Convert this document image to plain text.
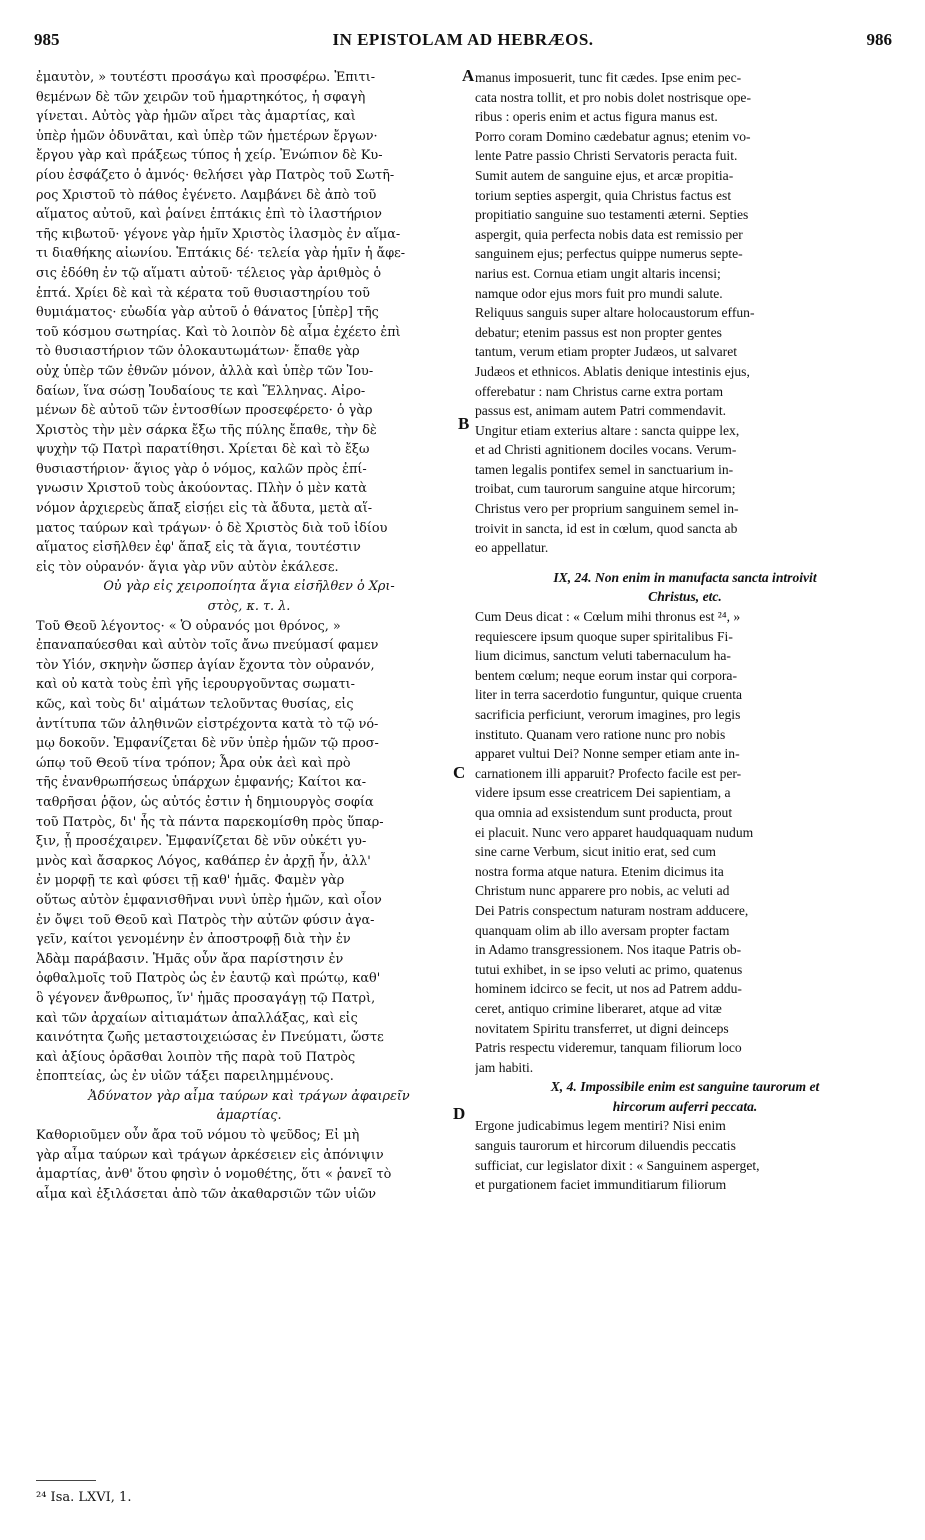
985	IN EPISTOLAM AD HEBRÆOS.	986
ἐμαυτὸν, » τουτέστι προσάγω καὶ προσφέρω. Ἐπιτι-
θεμένων δὲ τῶν χειρῶν τοῦ ἡμαρτηκότος, ἡ σφαγὴ
γίνεται. Αὐτὸς γὰρ ἡμῶν αἴρει τὰς ἁμαρτίας, καὶ
ὑπὲρ ἡμῶν ὀδυνᾶται, καὶ ὑπὲρ τῶν ἡμετέρων ἔργων·
ἔργου γὰρ καὶ πράξεως τύπος ἡ χείρ. Ἐνώπιον δὲ Κυ-
ρίου ἐσφάζετο ὁ ἀμνός· θελήσει γὰρ Πατρὸς τοῦ Σωτῆ-
ρος Χριστοῦ τὸ πάθος ἐγένετο. Λαμβάνει δὲ ἀπὸ τοῦ
αἵματος αὐτοῦ, καὶ ῥαίνει ἑπτάκις ἐπὶ τὸ ἱλαστήριον
τῆς κιβωτοῦ· γέγονε γὰρ ἡμῖν Χριστὸς ἱλασμὸς ἐν αἵμα-
τι διαθήκης αἰωνίου. Ἑπτάκις δέ· τελεία γὰρ ἡμῖν ἡ ἄφε-
σις ἐδόθη ἐν τῷ αἵματι αὐτοῦ· τέλειος γὰρ ἀριθμὸς ὁ
ἑπτά. Χρίει δὲ καὶ τὰ κέρατα τοῦ θυσιαστηρίου τοῦ
θυμιάματος· εὐωδία γὰρ αὐτοῦ ὁ θάνατος [ὑπὲρ] τῆς
τοῦ κόσμου σωτηρίας. Καὶ τὸ λοιπὸν δὲ αἷμα ἐχέετο ἐπὶ
τὸ θυσιαστήριον τῶν ὁλοκαυτωμάτων· ἔπαθε γὰρ
οὐχ ὑπὲρ τῶν ἐθνῶν μόνον, ἀλλὰ καὶ ὑπὲρ τῶν Ἰου-
δαίων, ἵνα σώσῃ Ἰουδαίους τε καὶ Ἕλληνας. Αἰρο-
μένων δὲ αὐτοῦ τῶν ἐντοσθίων προσεφέρετο· ὁ γὰρ
Χριστὸς τὴν μὲν σάρκα ἔξω τῆς πύλης ἔπαθε, τὴν δὲ
ψυχὴν τῷ Πατρὶ παρατίθησι. Χρίεται δὲ καὶ τὸ ἔξω
θυσιαστήριον· ἅγιος γὰρ ὁ νόμος, καλῶν πρὸς ἐπί-
γνωσιν Χριστοῦ τοὺς ἀκούοντας. Πλὴν ὁ μὲν κατὰ
νόμον ἀρχιερεὺς ἅπαξ εἰσῄει εἰς τὰ ἄδυτα, μετὰ αἵ-
ματος ταύρων καὶ τράγων· ὁ δὲ Χριστὸς διὰ τοῦ ἰδίου
αἵματος εἰσῆλθεν ἐφ' ἅπαξ εἰς τὰ ἅγια, τουτέστιν
εἰς τὸν οὐρανόν· ἅγια γὰρ νῦν αὐτὸν ἐκάλεσε.
Οὐ γὰρ εἰς χειροποίητα ἅγια εἰσῆλθεν ὁ Χρι-
στὸς, κ. τ. λ.
Τοῦ Θεοῦ λέγοντος· « Ὁ οὐρανός μοι θρόνος, »
ἐπαναπαύεσθαι καὶ αὐτὸν τοῖς ἄνω πνεύμασί φαμεν
τὸν Υἱόν, σκηνὴν ὥσπερ ἁγίαν ἔχοντα τὸν οὐρανόν,
καὶ οὐ κατὰ τοὺς ἐπὶ γῆς ἱερουργοῦντας σωματι-
κῶς, καὶ τοὺς δι' αἱμάτων τελοῦντας θυσίας, εἰς
ἀντίτυπα τῶν ἀληθινῶν εἰστρέχοντα κατὰ τὸ τῷ νό-
μῳ δοκοῦν. Ἐμφανίζεται δὲ νῦν ὑπὲρ ἡμῶν τῷ προσ-
ώπῳ τοῦ Θεοῦ τίνα τρόπον; Ἆρα οὐκ ἀεὶ καὶ πρὸ
τῆς ἐνανθρωπήσεως ὑπάρχων ἐμφανής; Καίτοι κα-
ταθρῆσαι ῥᾷον, ὡς αὐτός ἐστιν ἡ δημιουργὸς σοφία
τοῦ Πατρὸς, δι' ἧς τὰ πάντα παρεκομίσθη πρὸς ὕπαρ-
ξιν, ᾗ προσέχαιρεν. Ἐμφανίζεται δὲ νῦν οὐκέτι γυ-
μνὸς καὶ ἄσαρκος Λόγος, καθάπερ ἐν ἀρχῇ ἦν, ἀλλ'
ἐν μορφῇ τε καὶ φύσει τῇ καθ' ἡμᾶς. Φαμὲν γὰρ
οὕτως αὐτὸν ἐμφανισθῆναι νυνὶ ὑπὲρ ἡμῶν, καὶ οἷον
ἐν ὄψει τοῦ Θεοῦ καὶ Πατρὸς τὴν αὐτῶν φύσιν ἀγα-
γεῖν, καίτοι γενομένην ἐν ἀποστροφῇ διὰ τὴν ἐν
Ἀδὰμ παράβασιν. Ἡμᾶς οὖν ἄρα παρίστησιν ἐν
ὀφθαλμοῖς τοῦ Πατρὸς ὡς ἐν ἑαυτῷ καὶ πρώτῳ, καθ'
ὃ γέγονεν ἄνθρωπος, ἵν' ἡμᾶς προσαγάγῃ τῷ Πατρὶ,
καὶ τῶν ἀρχαίων αἰτιαμάτων ἀπαλλάξας, καὶ εἰς
καινότητα ζωῆς μεταστοιχειώσας ἐν Πνεύματι, ὥστε
καὶ ἀξίους ὁρᾶσθαι λοιπὸν τῆς παρὰ τοῦ Πατρὸς
ἐποπτείας, ὡς ἐν υἱῶν τάξει παρειλημμένους.
Ἀδύνατον γὰρ αἷμα ταύρων καὶ τράγων ἀφαιρεῖν
ἁμαρτίας.
Καθοριοῦμεν οὖν ἄρα τοῦ νόμου τὸ ψεῦδος; Εἰ μὴ
γὰρ αἷμα ταύρων καὶ τράγων ἀρκέσειεν εἰς ἀπόνιψιν
ἁμαρτίας, ἀνθ' ὅτου φησὶν ὁ νομοθέτης, ὅτι « ῥανεῖ τὸ
αἷμα καὶ ἐξιλάσεται ἀπὸ τῶν ἀκαθαρσιῶν τῶν υἱῶν
manus imposuerit, tunc fit cædes. Ipse enim pec-
cata nostra tollit, et pro nobis dolet nostrisque ope-
ribus : operis enim et actus figura manus est.
Porro coram Domino cædebatur agnus; etenim vo-
lente Patre passio Christi Servatoris peracta fuit.
Sumit autem de sanguine ejus, et arcæ propitia-
torium septies aspergit, quia Christus factus est
propitiatio sanguine suo testamenti æterni. Septies
aspergit, quia perfecta nobis data est remissio per
sanguinem ejus; perfectus quippe numerus septe-
narius est. Cornua etiam ungit altaris incensi;
namque odor ejus mors fuit pro mundi salute.
Reliquus sanguis super altare holocaustorum effun-
debatur; etenim passus est non propter gentes
tantum, verum etiam propter Judæos, ut salvaret
Judæos et ethnicos. Ablatis denique intestinis ejus,
offerebatur : nam Christus carne extra portam
passus est, animam autem Patri commendavit.
Ungitur etiam exterius altare : sancta quippe lex,
et ad Christi agnitionem dociles vocans. Verum-
tamen legalis pontifex semel in sanctuarium in-
troibat, cum taurorum sanguine atque hircorum;
Christus vero per proprium sanguinem semel in-
troivit in sancta, id est in cœlum, quod sancta ab
eo appellatur.
IX, 24. Non enim in manufacta sancta introivit
Christus, etc.
Cum Deus dicat : « Cœlum mihi thronus est ²⁴, »
requiescere ipsum quoque super spiritalibus Fi-
lium dicimus, sanctum veluti tabernaculum ha-
bentem cœlum; neque eorum instar qui corpora-
liter in terra sacerdotio funguntur, quique cruenta
sacrificia perficiunt, verorum imagines, pro legis
instituto. Quanam vero ratione nunc pro nobis
apparet vultui Dei? Nonne semper etiam ante in-
carnationem illi apparuit? Profecto facile est per-
videre ipsum esse creatricem Dei sapientiam, a
qua omnia ad exsistendum sunt producta, prout
ei placuit. Nunc vero apparet haudquaquam nudum
sine carne Verbum, sicut initio erat, sed cum
nostra forma atque natura. Etenim dicimus ita
Christum nunc apparere pro nobis, ac veluti ad
Dei Patris conspectum naturam nostram adducere,
quanquam olim ab illo aversam propter factam
in Adamo transgressionem. Nos itaque Patris ob-
tutui exhibet, in se ipso veluti ac primo, quatenus
hominem idcirco se fecit, ut nos ad Patrem addu-
ceret, antiquo crimine liberaret, atque ad vitæ
novitatem Spiritu transferret, ut digni deinceps
Patris respectu videremur, tanquam filiorum loco
jam habiti.
X, 4. Impossibile enim est sanguine taurorum et
hircorum auferri peccata.
Ergone judicabimus legem mentiri? Nisi enim
sanguis taurorum et hircorum diluendis peccatis
sufficiat, cur legislator dixit : « Sanguinem asperget,
et purgationem faciet immunditiarum filiorum
A
B
C
D
²⁴ Isa. LXVI, 1.
